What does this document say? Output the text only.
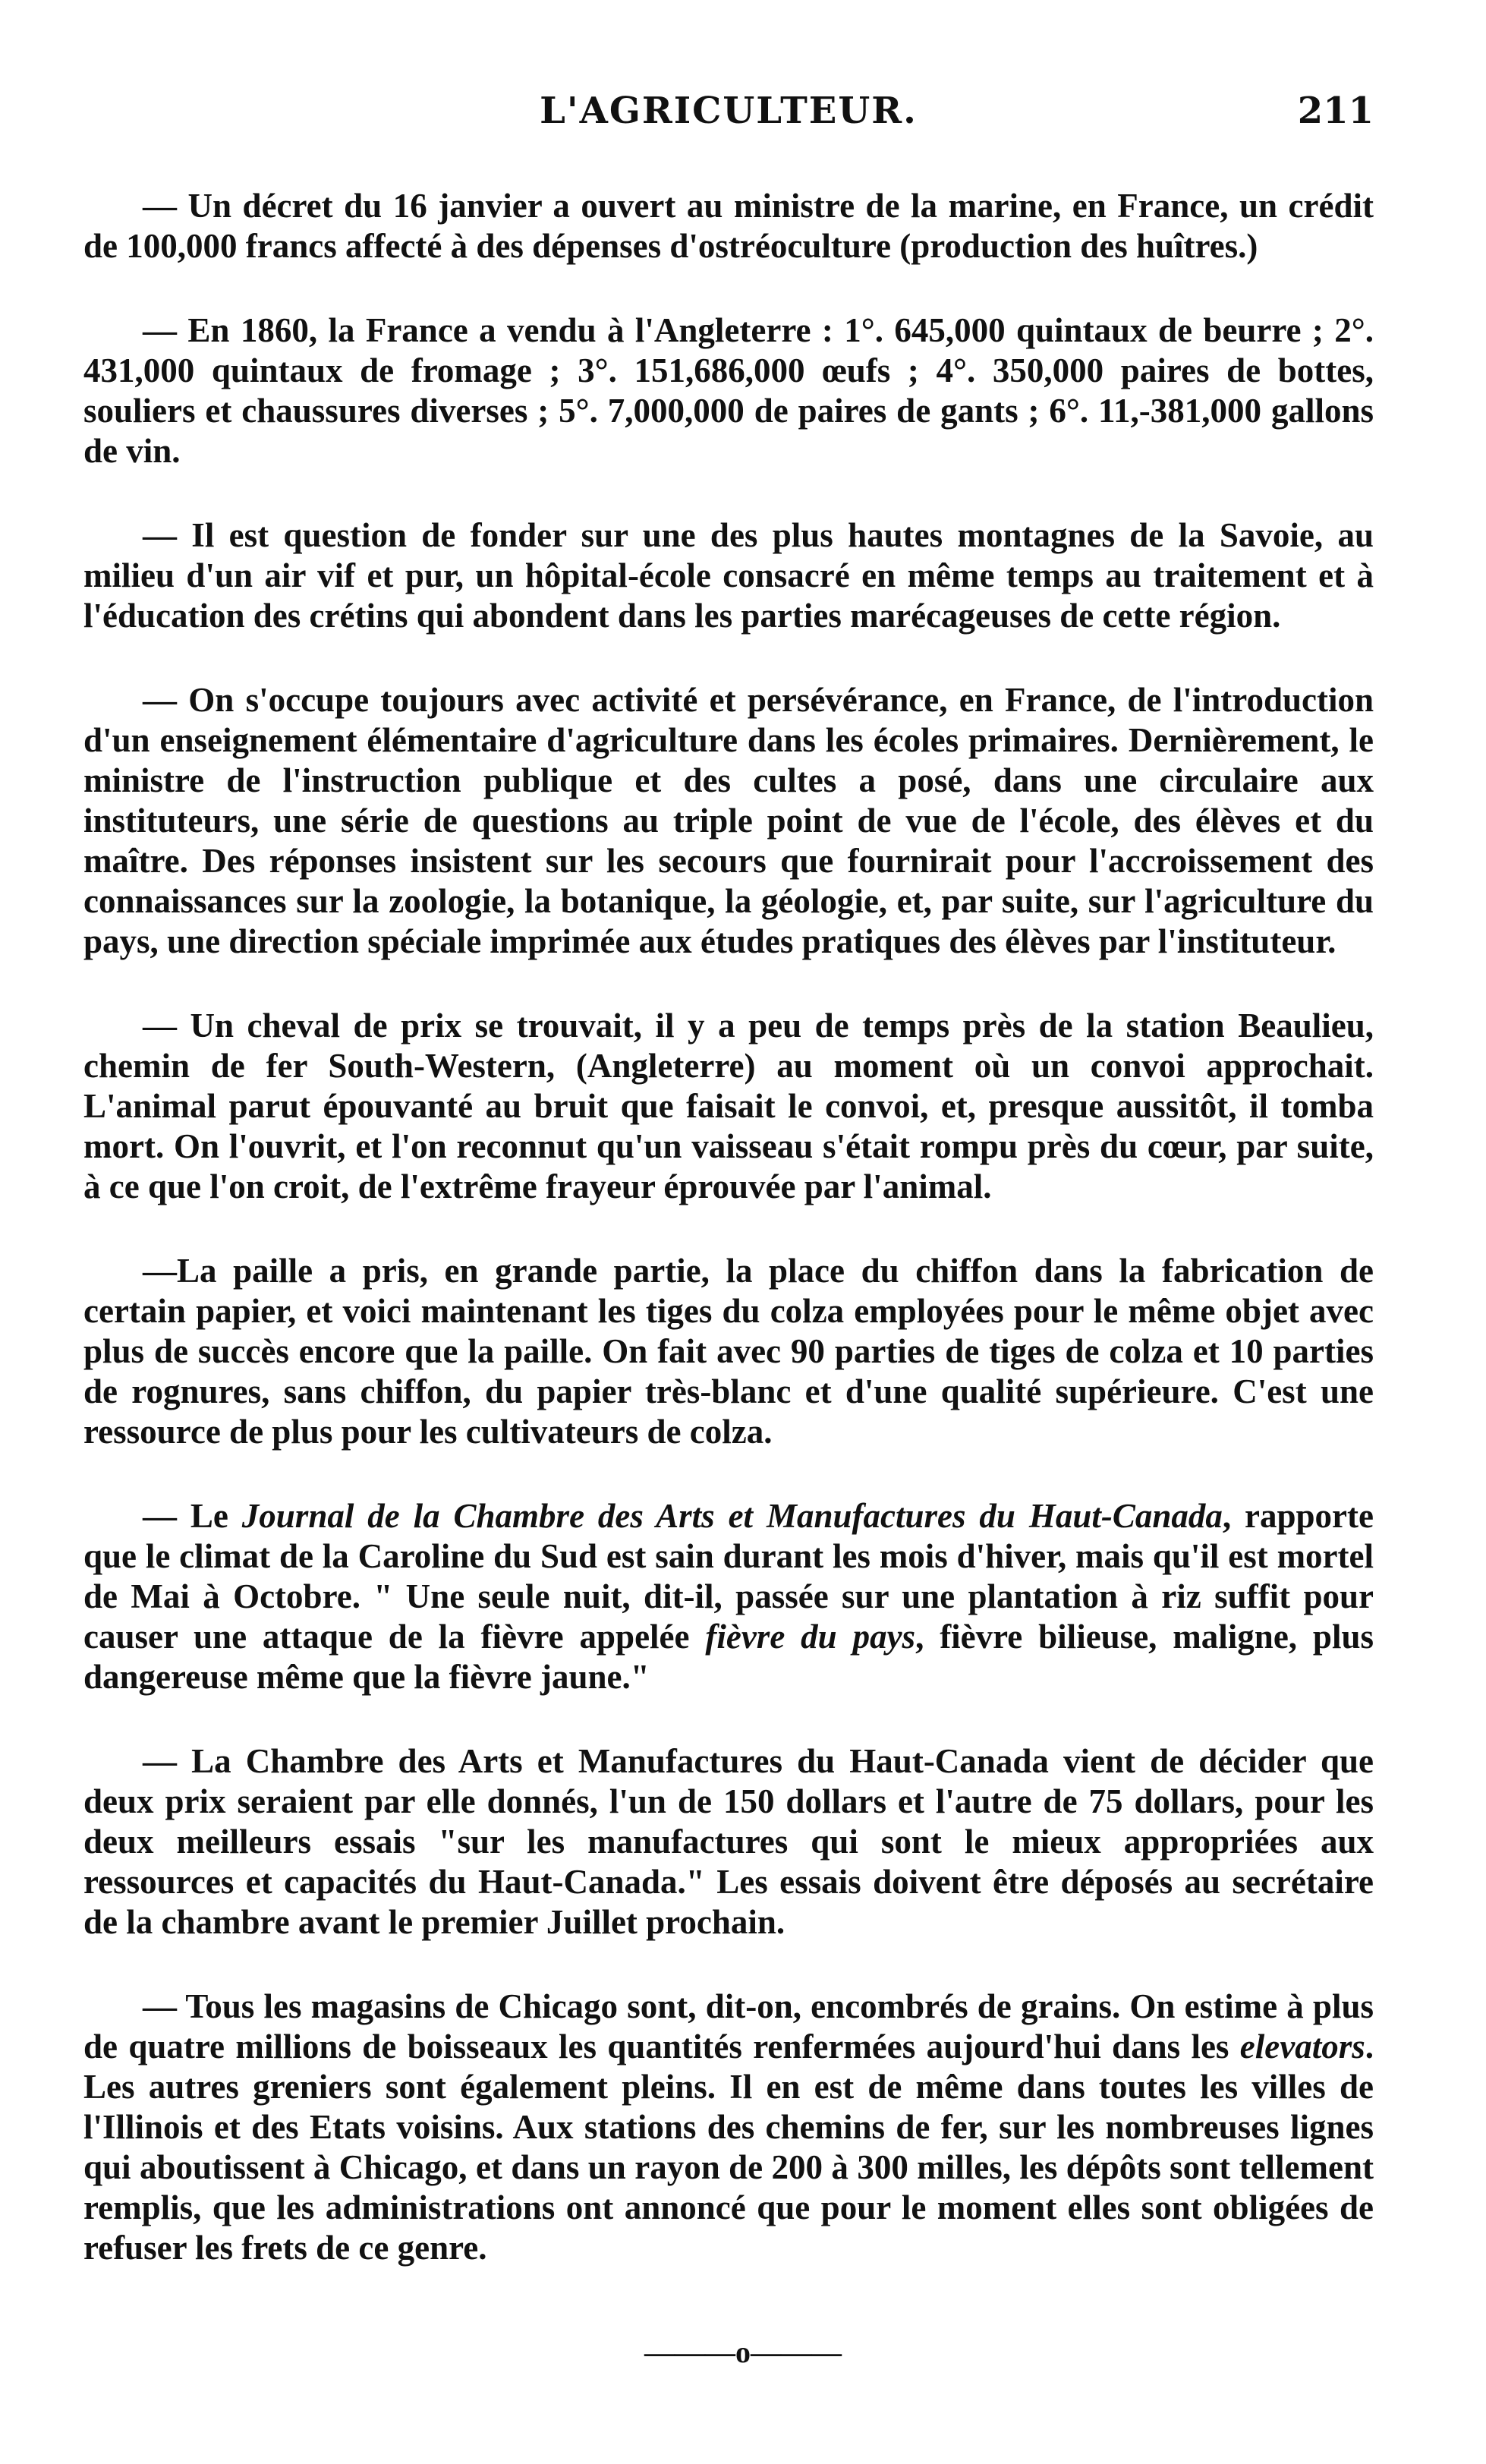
L'AGRICULTEUR.	211

— Un décret du 16 janvier a ouvert au ministre de la marine, en France, un crédit de 100,000 francs affecté à des dépenses d'ostréoculture (production des huîtres.)

— En 1860, la France a vendu à l'Angleterre : 1°. 645,000 quintaux de beurre ; 2°. 431,000 quintaux de fromage ; 3°. 151,686,000 œufs ; 4°. 350,000 paires de bottes, souliers et chaussures diverses ; 5°. 7,000,000 de paires de gants ; 6°. 11,-381,000 gallons de vin.

— Il est question de fonder sur une des plus hautes montagnes de la Savoie, au milieu d'un air vif et pur, un hôpital-école consacré en même temps au traitement et à l'éducation des crétins qui abondent dans les parties marécageuses de cette région.

— On s'occupe toujours avec activité et persévérance, en France, de l'introduction d'un enseignement élémentaire d'agriculture dans les écoles primaires. Dernièrement, le ministre de l'instruction publique et des cultes a posé, dans une circulaire aux instituteurs, une série de questions au triple point de vue de l'école, des élèves et du maître. Des réponses insistent sur les secours que fournirait pour l'accroissement des connaissances sur la zoologie, la botanique, la géologie, et, par suite, sur l'agriculture du pays, une direction spéciale imprimée aux études pratiques des élèves par l'instituteur.

— Un cheval de prix se trouvait, il y a peu de temps près de la station Beaulieu, chemin de fer South-Western, (Angleterre) au moment où un convoi approchait. L'animal parut épouvanté au bruit que faisait le convoi, et, presque aussitôt, il tomba mort. On l'ouvrit, et l'on reconnut qu'un vaisseau s'était rompu près du cœur, par suite, à ce que l'on croit, de l'extrême frayeur éprouvée par l'animal.

—La paille a pris, en grande partie, la place du chiffon dans la fabrication de certain papier, et voici maintenant les tiges du colza employées pour le même objet avec plus de succès encore que la paille. On fait avec 90 parties de tiges de colza et 10 parties de rognures, sans chiffon, du papier très-blanc et d'une qualité supérieure. C'est une ressource de plus pour les cultivateurs de colza.

— Le Journal de la Chambre des Arts et Manufactures du Haut-Canada, rapporte que le climat de la Caroline du Sud est sain durant les mois d'hiver, mais qu'il est mortel de Mai à Octobre. " Une seule nuit, dit-il, passée sur une plantation à riz suffit pour causer une attaque de la fièvre appelée fièvre du pays, fièvre bilieuse, maligne, plus dangereuse même que la fièvre jaune."

— La Chambre des Arts et Manufactures du Haut-Canada vient de décider que deux prix seraient par elle donnés, l'un de 150 dollars et l'autre de 75 dollars, pour les deux meilleurs essais "sur les manufactures qui sont le mieux appropriées aux ressources et capacités du Haut-Canada." Les essais doivent être déposés au secrétaire de la chambre avant le premier Juillet prochain.

— Tous les magasins de Chicago sont, dit-on, encombrés de grains. On estime à plus de quatre millions de boisseaux les quantités renfermées aujourd'hui dans les elevators. Les autres greniers sont également pleins. Il en est de même dans toutes les villes de l'Illinois et des Etats voisins. Aux stations des chemins de fer, sur les nombreuses lignes qui aboutissent à Chicago, et dans un rayon de 200 à 300 milles, les dépôts sont tellement remplis, que les administrations ont annoncé que pour le moment elles sont obligées de refuser les frets de ce genre.

———o———
